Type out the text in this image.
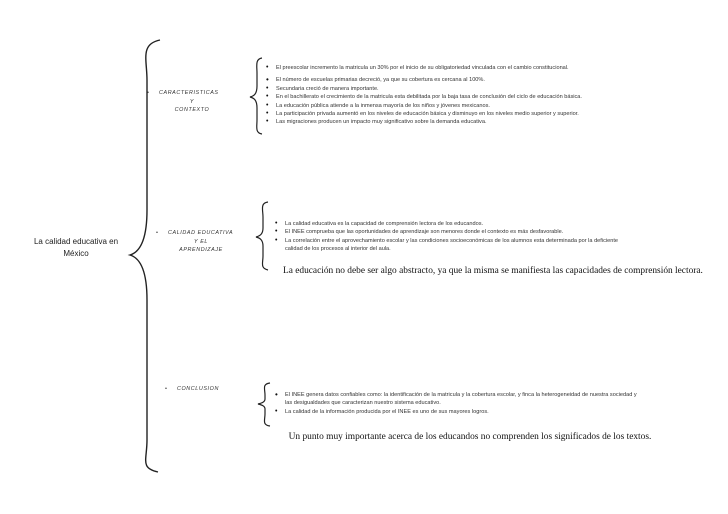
La calidad educativa en
México
• CARACTERISTICAS
Y
CONTEXTO
• El preescolar incremento la matricula un 30% por el inicio de su obligatoriedad vinculada con el cambio constitucional.
• El número de escuelas primarias decreció, ya que su cobertura es cercana al 100%.
• Secundaria creció de manera importante.
• En el bachillerato el crecimiento de la matricula esta debilitada por la baja tasa de conclusión del ciclo de educación básica.
• La educación pública atiende a la inmensa mayoría de los niños y jóvenes mexicanos.
• La participación privada aumentó en los niveles de educación básica y disminuyo en los niveles medio superior y superior.
• Las migraciones producen un impacto muy significativo sobre la demanda educativa.
• CALIDAD EDUCATIVA
Y EL
APRENDIZAJE
• La calidad educativa es la capacidad de comprensión lectora de los educandos.
• El INEE comprueba que las oportunidades de aprendizaje son menores donde el contexto es más desfavorable.
• La correlación entre el aprovechamiento escolar y las condiciones socioeconómicas de los alumnos esta determinada por la deficiente calidad de los procesos al interior del aula.
La educación no debe ser algo abstracto, ya que la misma se manifiesta las capacidades de comprensión lectora.
• CONCLUSION
• El INEE genera datos confiables como: la identificación de la matricula y la cobertura escolar, y finca la heterogeneidad de nuestra sociedad y las desigualdades que caracterizan nuestro sistema educativo.
• La calidad de la información producida por el INEE es uno de sus mayores logros.
Un punto muy importante acerca de los educandos no comprenden los significados de los textos.
